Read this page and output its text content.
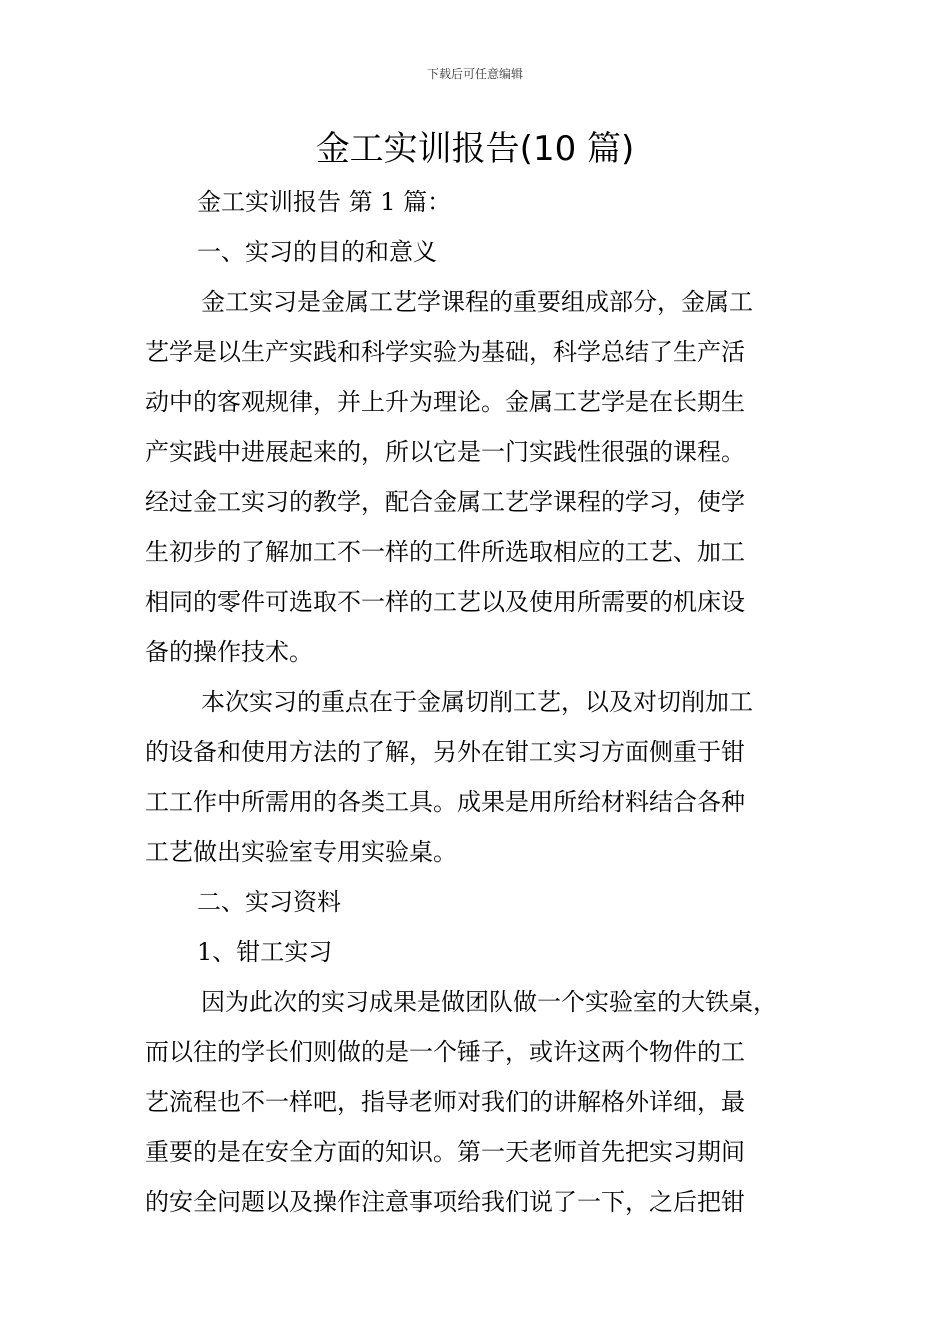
下载后可任意编辑
金工实训报告(10 篇)
金工实训报告 第 1 篇：
一、实习的目的和意义
金工实习是金属工艺学课程的重要组成部分，金属工
艺学是以生产实践和科学实验为基础，科学总结了生产活
动中的客观规律，并上升为理论。金属工艺学是在长期生
产实践中进展起来的，所以它是一门实践性很强的课程。
经过金工实习的教学，配合金属工艺学课程的学习，使学
生初步的了解加工不一样的工件所选取相应的工艺、加工
相同的零件可选取不一样的工艺以及使用所需要的机床设
备的操作技术。
本次实习的重点在于金属切削工艺，以及对切削加工
的设备和使用方法的了解，另外在钳工实习方面侧重于钳
工工作中所需用的各类工具。成果是用所给材料结合各种
工艺做出实验室专用实验桌。
二、实习资料
1、钳工实习
因为此次的实习成果是做团队做一个实验室的大铁桌，
而以往的学长们则做的是一个锤子，或许这两个物件的工
艺流程也不一样吧，指导老师对我们的讲解格外详细，最
重要的是在安全方面的知识。第一天老师首先把实习期间
的安全问题以及操作注意事项给我们说了一下，之后把钳
